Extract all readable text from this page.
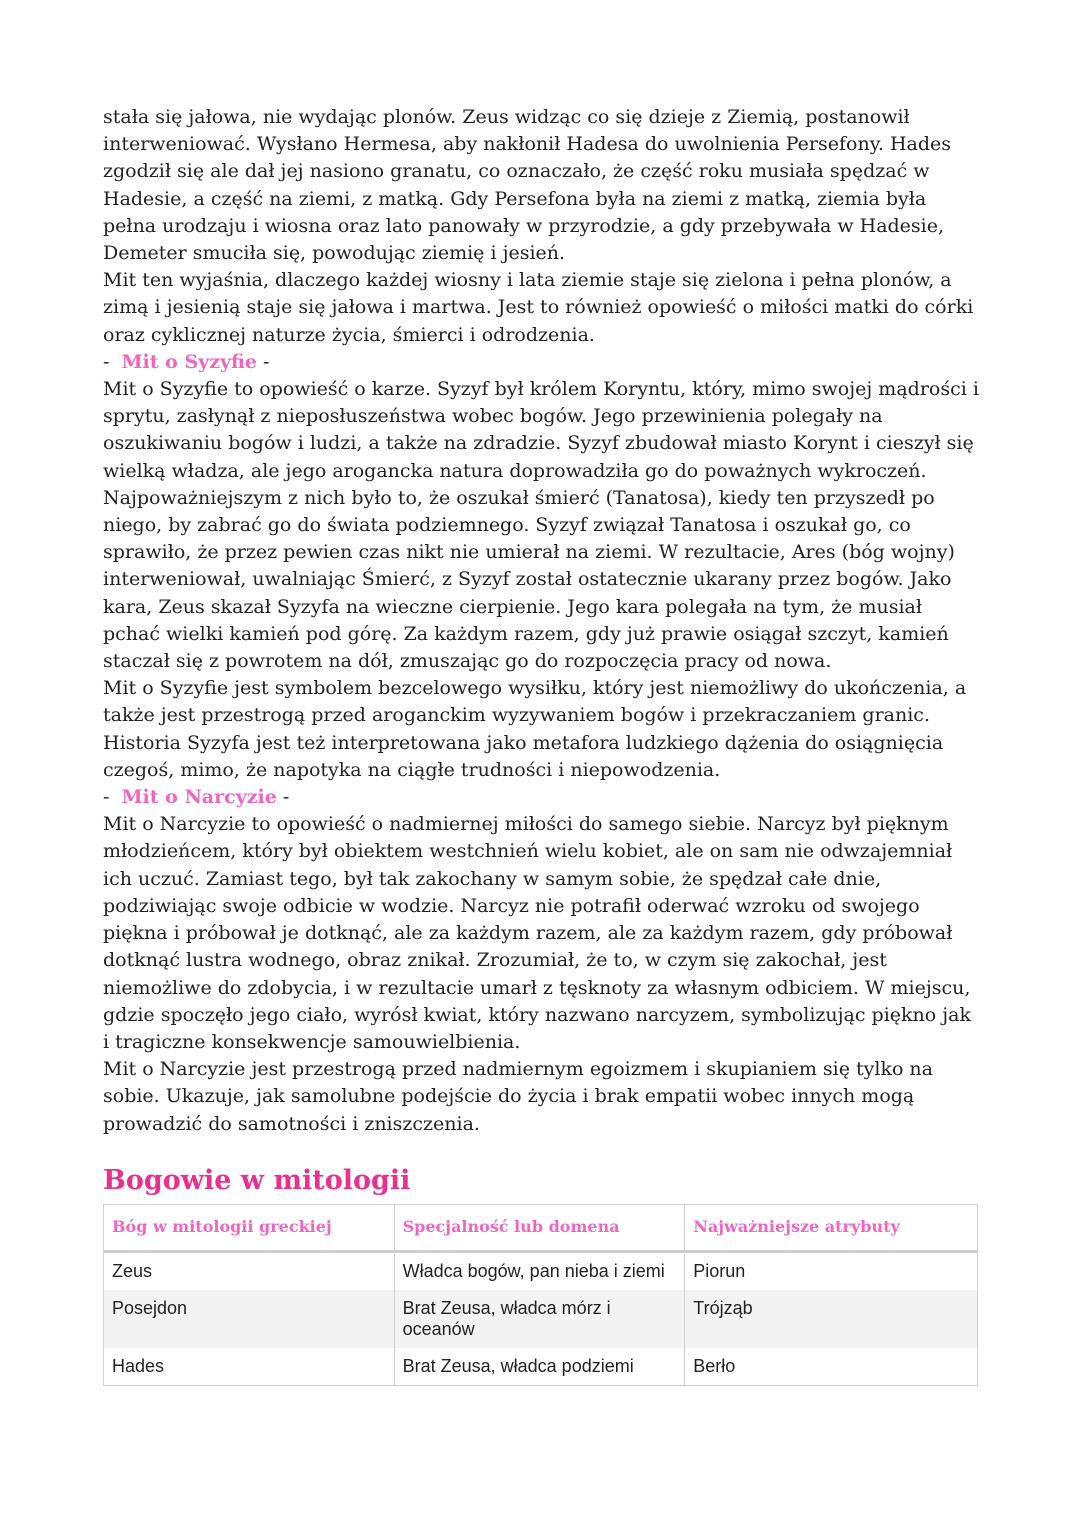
stała się jałowa, nie wydając plonów. Zeus widząc co się dzieje z Ziemią, postanowił interweniować. Wysłano Hermesa, aby nakłonił Hadesa do uwolnienia Persefony. Hades zgodził się ale dał jej nasiono granatu, co oznaczało, że część roku musiała spędzać w Hadesie, a część na ziemi, z matką. Gdy Persefona była na ziemi z matką, ziemia była pełna urodzaju i wiosna oraz lato panowały w przyrodzie, a gdy przebywała w Hadesie, Demeter smuciła się, powodując ziemię i jesień.

Mit ten wyjaśnia, dlaczego każdej wiosny i lata ziemie staje się zielona i pełna plonów, a zimą i jesienią staje się jałowa i martwa. Jest to również opowieść o miłości matki do córki oraz cyklicznej naturze życia, śmierci i odrodzenia.

- Mit o Syzyfie -

Mit o Syzyfie to opowieść o karze. Syzyf był królem Koryntu, który, mimo swojej mądrości i sprytu, zasłynął z nieposłuszeństwa wobec bogów. Jego przewinienia polegały na oszukiwaniu bogów i ludzi, a także na zdradzie. Syzyf zbudował miasto Korynt i cieszył się wielką władza, ale jego arogancka natura doprowadziła go do poważnych wykroczeń. Najpoważniejszym z nich było to, że oszukał śmierć (Tanatosa), kiedy ten przyszedł po niego, by zabrać go do świata podziemnego. Syzyf związał Tanatosa i oszukał go, co sprawiło, że przez pewien czas nikt nie umierał na ziemi. W rezultacie, Ares (bóg wojny) interweniował, uwalniając Śmierć, z Syzyf został ostatecznie ukarany przez bogów. Jako kara, Zeus skazał Syzyfa na wieczne cierpienie. Jego kara polegała na tym, że musiał pchać wielki kamień pod górę. Za każdym razem, gdy już prawie osiągał szczyt, kamień staczał się z powrotem na dół, zmuszając go do rozpoczęcia pracy od nowa.

Mit o Syzyfie jest symbolem bezcelowego wysiłku, który jest niemożliwy do ukończenia, a także jest przestrogą przed aroganckim wyzywaniem bogów i przekraczaniem granic. Historia Syzyfa jest też interpretowana jako metafora ludzkiego dążenia do osiągnięcia czegoś, mimo, że napotyka na ciągłe trudności i niepowodzenia.

- Mit o Narcyzie -

Mit o Narcyzie to opowieść o nadmiernej miłości do samego siebie. Narcyz był pięknym młodzieńcem, który był obiektem westchnień wielu kobiet, ale on sam nie odwzajemniał ich uczuć. Zamiast tego, był tak zakochany w samym sobie, że spędzał całe dnie, podziwiając swoje odbicie w wodzie. Narcyz nie potrafił oderwać wzroku od swojego piękna i próbował je dotknąć, ale za każdym razem, ale za każdym razem, gdy próbował dotknąć lustra wodnego, obraz znikał. Zrozumiał, że to, w czym się zakochał, jest niemożliwe do zdobycia, i w rezultacie umarł z tęsknoty za własnym odbiciem. W miejscu, gdzie spoczęło jego ciało, wyrósł kwiat, który nazwano narcyzem, symbolizując piękno jak i tragiczne konsekwencje samouwielbienia.

Mit o Narcyzie jest przestrogą przed nadmiernym egoizmem i skupianiem się tylko na sobie. Ukazuje, jak samolubne podejście do życia i brak empatii wobec innych mogą prowadzić do samotności i zniszczenia.

Bogowie w mitologii
Bóg w mitologii greckiej	Specjalność lub domena	Najważniejsze atrybuty
Zeus	Władca bogów, pan nieba i ziemi	Piorun
Posejdon	Brat Zeusa, władca mórz i oceanów	Trójząb
Hades	Brat Zeusa, władca podziemi	Berło
